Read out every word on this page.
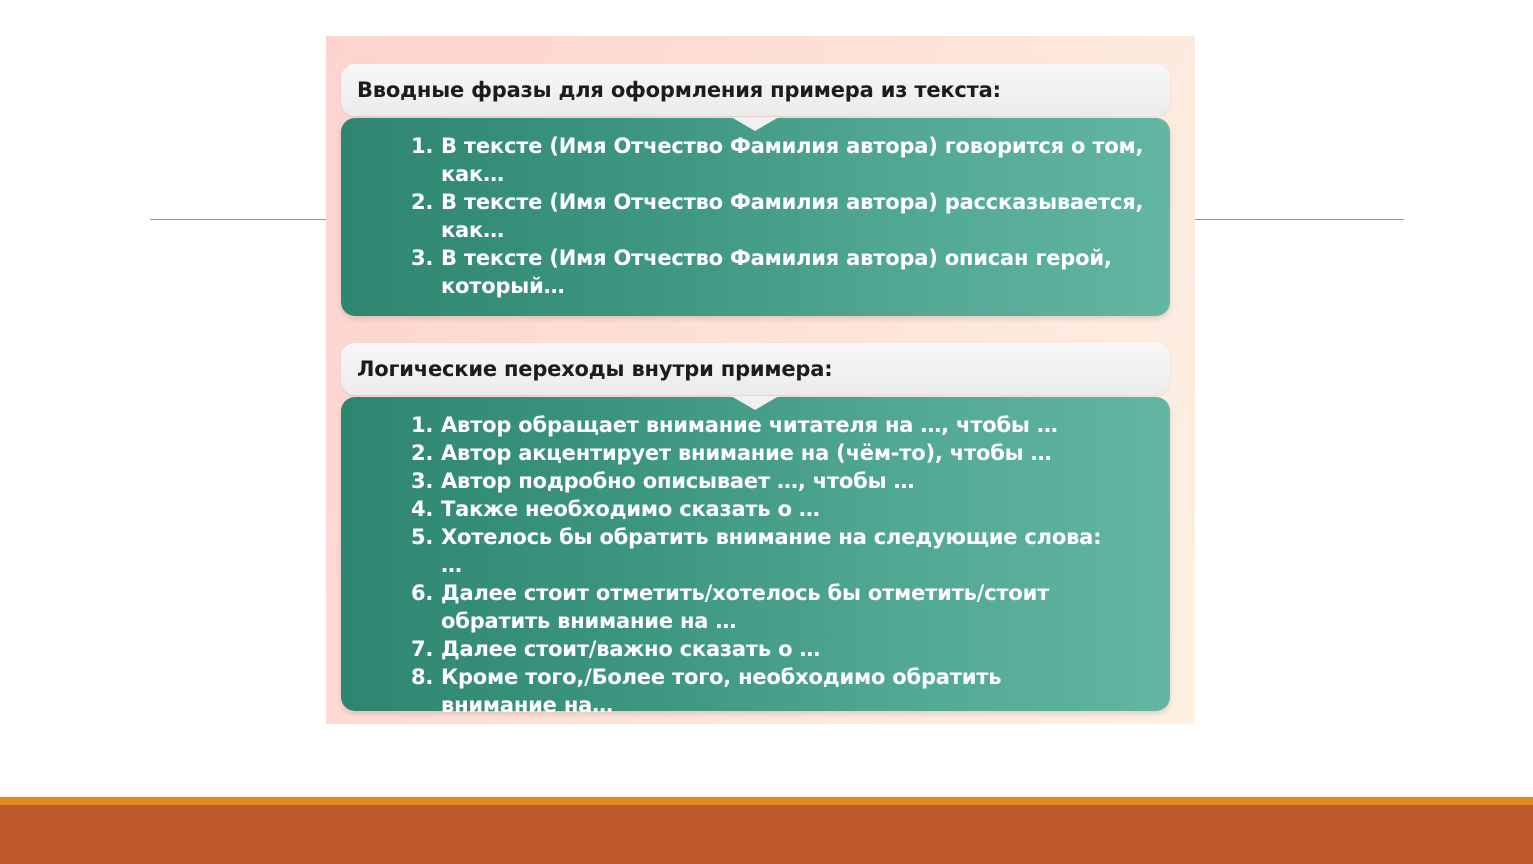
Вводные фразы для оформления примера из текста:
1. В тексте (Имя Отчество Фамилия автора) говорится о том, как…
2. В тексте (Имя Отчество Фамилия автора) рассказывается, как…
3. В тексте (Имя Отчество Фамилия автора) описан герой, который…
Логические переходы внутри примера:
1. Автор обращает внимание читателя на …, чтобы …
2. Автор акцентирует внимание на (чём-то), чтобы …
3. Автор подробно описывает …, чтобы …
4. Также необходимо сказать о …
5. Хотелось бы обратить внимание на следующие слова: …
6. Далее стоит отметить/хотелось бы отметить/стоит обратить внимание на …
7. Далее стоит/важно сказать о …
8. Кроме того,/Более того, необходимо обратить внимание на…
